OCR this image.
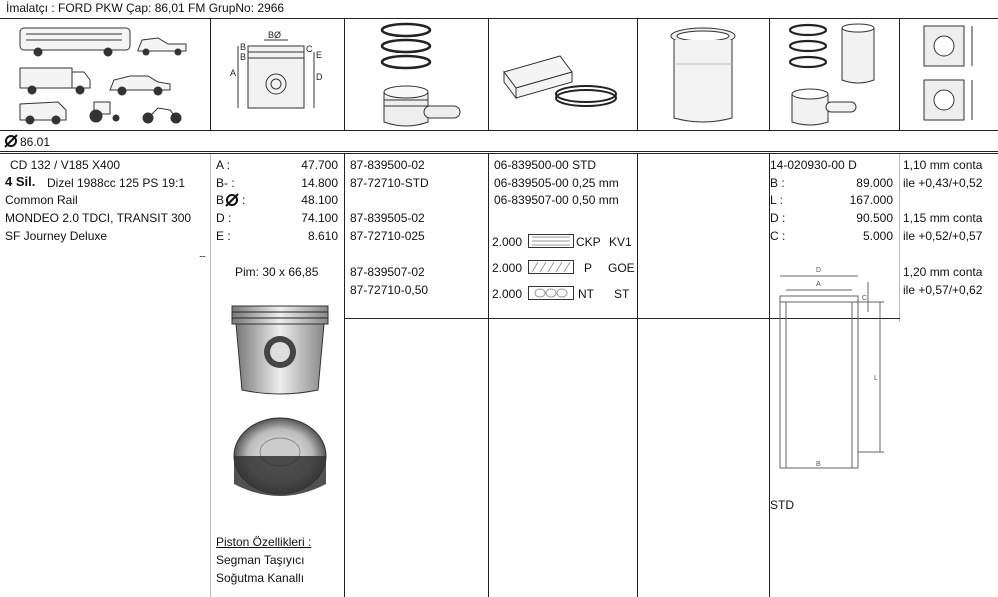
İmalatçı : FORD PKW Çap: 86,01 FM GrupNo: 2966
86.01
A
B
B
BØ
C
E
D
CD 132 / V185 X400
4 Sil. Dizel 1988cc 125 PS 19:1
Common Rail
MONDEO 2.0 TDCI, TRANSIT 300
SF Journey Deluxe
....
A :	47.700
B- :	14.800
B :	48.100
D :	74.100
E :	8.610
Pim: 30 x 66,85
Piston Özellikleri :
Segman Taşıyıcı
Soğutma Kanallı
87-839500-02
87-72710-STD
87-839505-02
87-72710-025
87-839507-02
87-72710-0,50
06-839500-00 STD
06-839505-00 0,25 mm
06-839507-00 0,50 mm
2.000	CKP KV1
2.000	P GOE
2.000	NT ST
14-020930-00 D
B :	89.000
L :	167.000
D :	90.500
C :	5.000
D
A
B
C
L
STD
1,10 mm conta
ile +0,43/+0,52
1,15 mm conta
ile +0,52/+0,57
1,20 mm conta
ile +0,57/+0,62
